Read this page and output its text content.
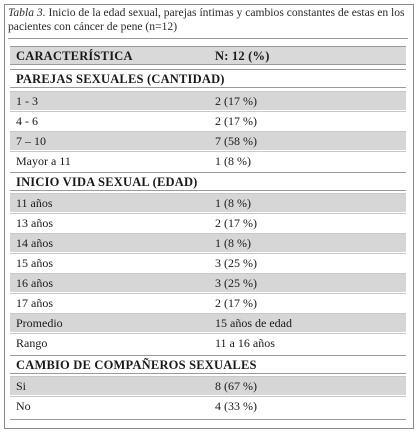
Tabla 3. Inicio de la edad sexual, parejas íntimas y cambios constantes de estas en los pacientes con cáncer de pene (n=12)
CARACTERÍSTICA	N: 12 (%)
PAREJAS SEXUALES (CANTIDAD)
1 - 3	2 (17 %)
4 - 6	2 (17 %)
7 – 10	7 (58 %)
Mayor a 11	1 (8 %)
INICIO VIDA SEXUAL (EDAD)
11 años	1 (8 %)
13 años	2 (17 %)
14 años	1 (8 %)
15 años	3 (25 %)
16 años	3 (25 %)
17 años	2 (17 %)
Promedio	15 años de edad
Rango	11 a 16 años
CAMBIO DE COMPAÑEROS SEXUALES
Si	8 (67 %)
No	4 (33 %)
